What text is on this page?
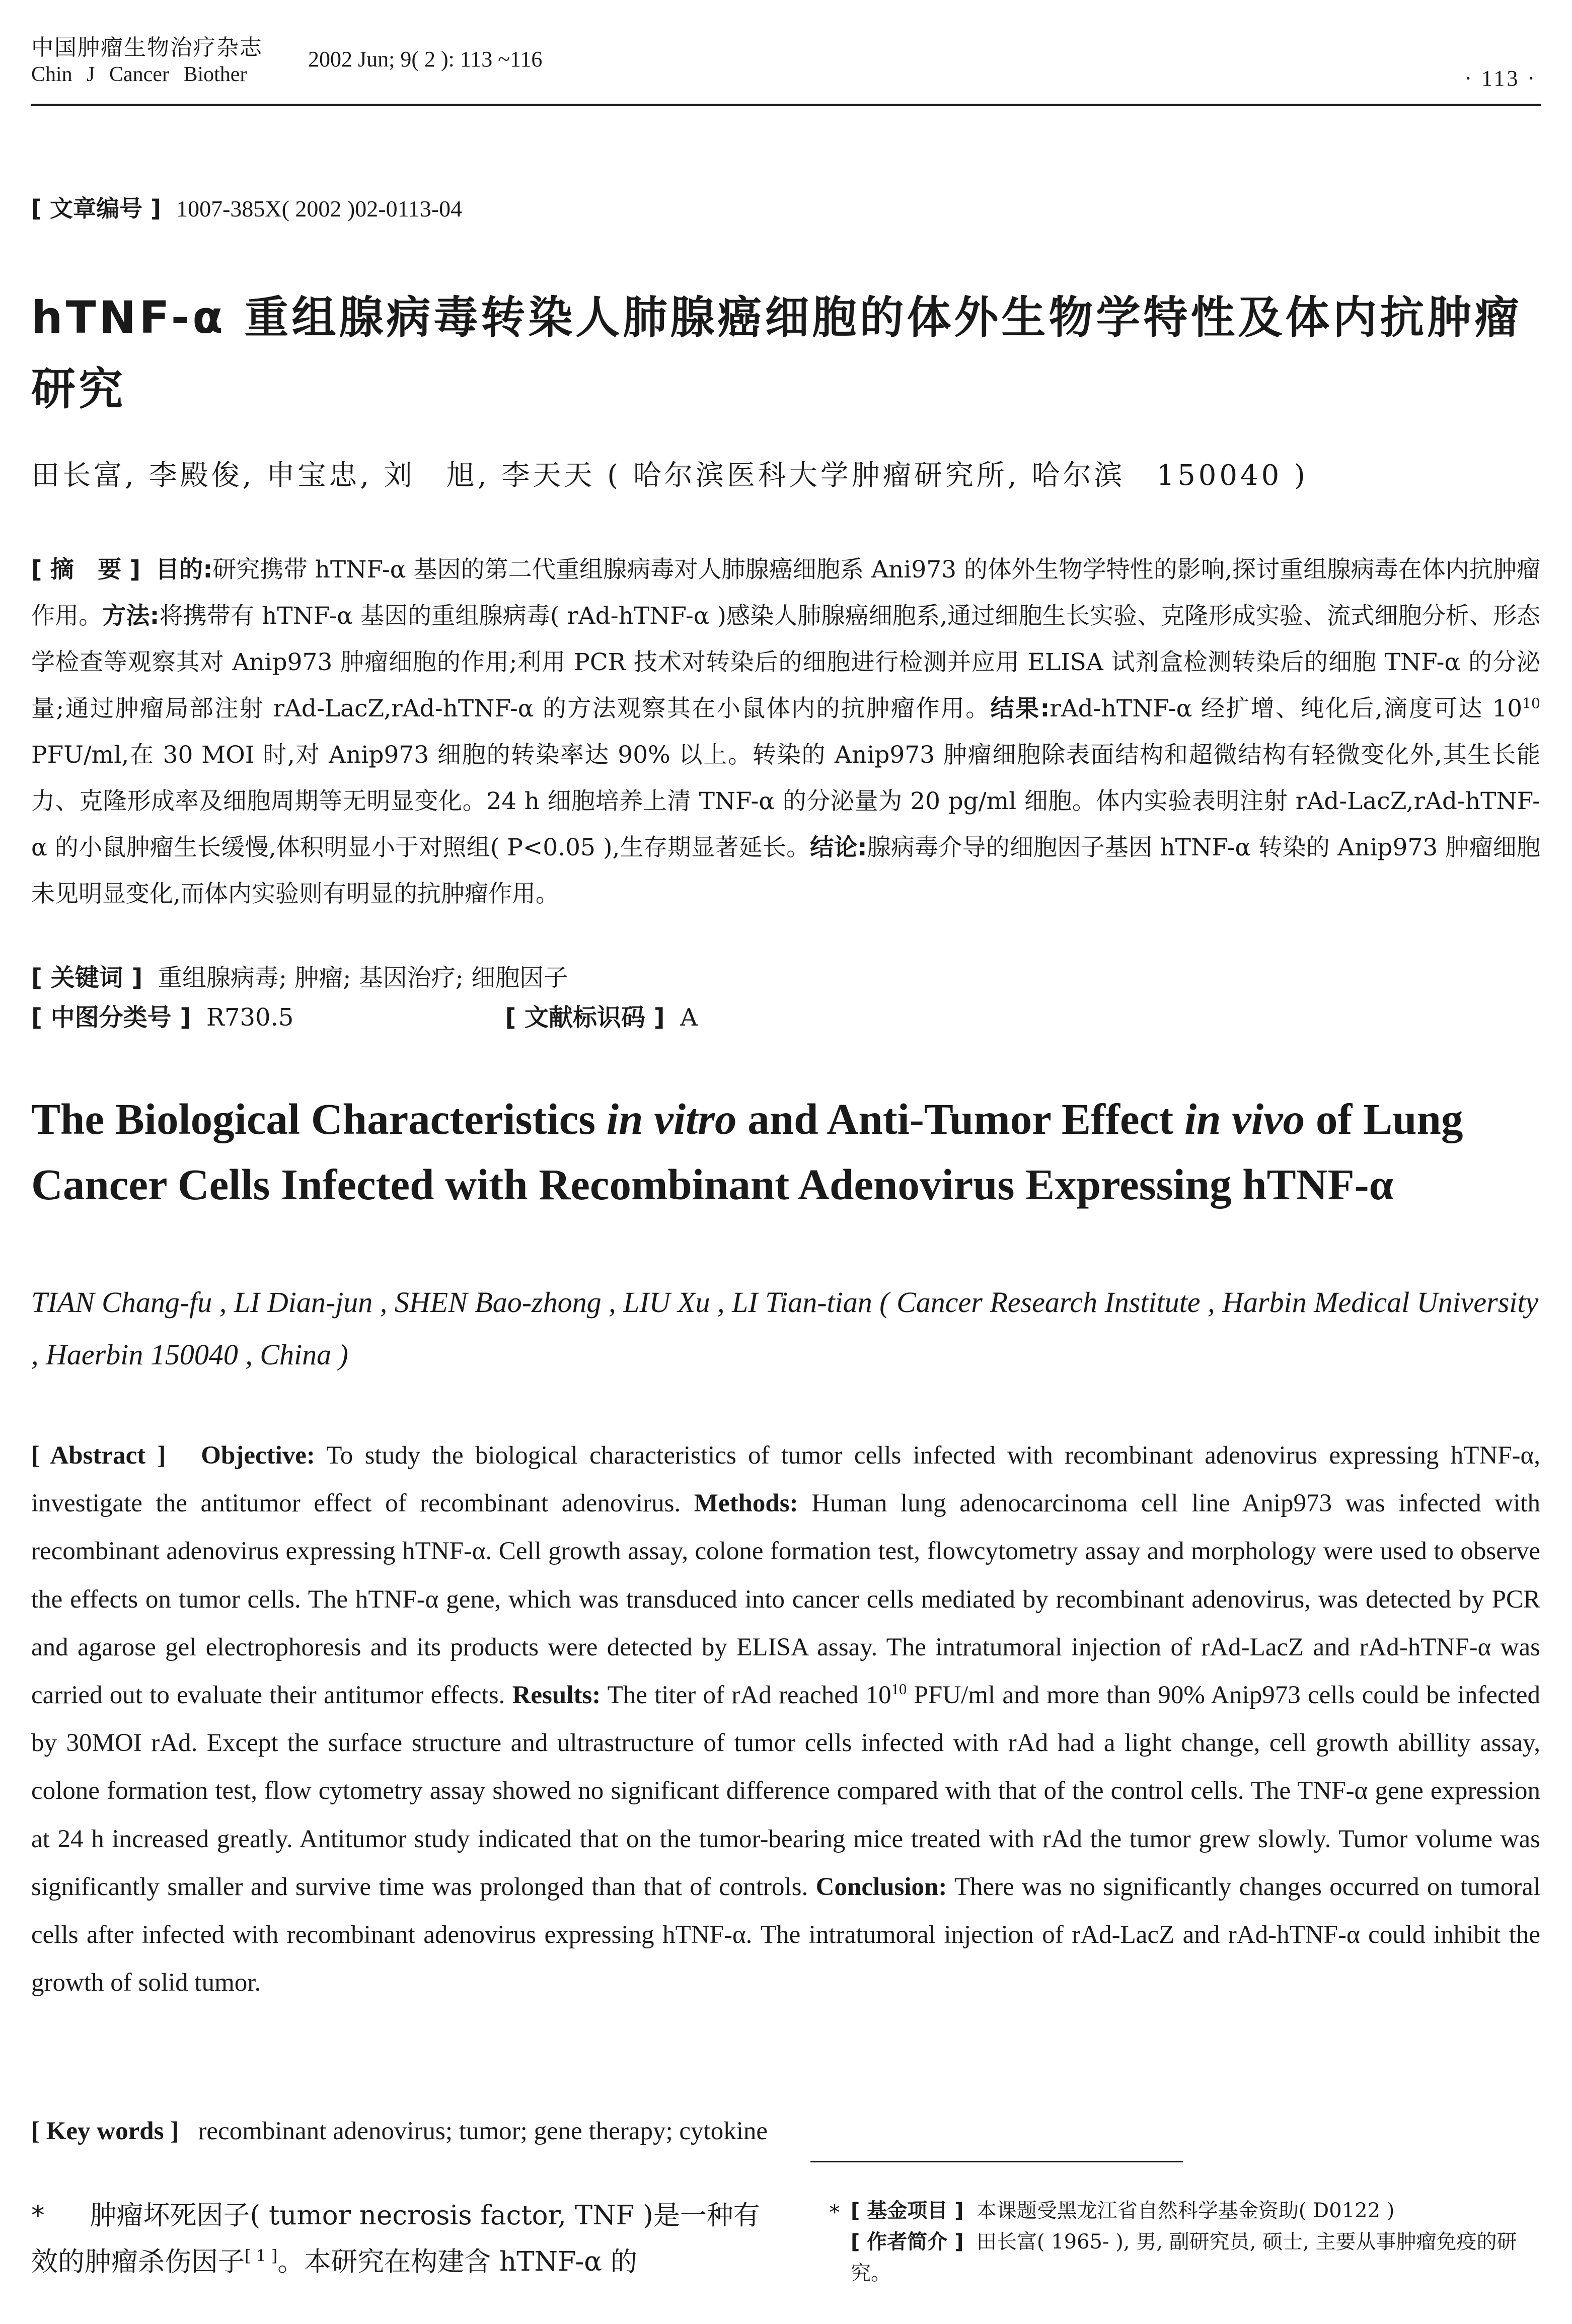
中国肿瘤生物治疗杂志
Chin J Cancer Biother
2002 Jun; 9( 2 ): 113 ~116
· 113 ·
[ 文章编号 ] 1007-385X( 2002 )02-0113-04
hTNF-α 重组腺病毒转染人肺腺癌细胞的体外生物学特性及体内抗肿瘤研究
田长富, 李殿俊, 申宝忠, 刘　旭, 李天天 ( 哈尔滨医科大学肿瘤研究所, 哈尔滨　150040 )
[ 摘　要 ] 目的:研究携带 hTNF-α 基因的第二代重组腺病毒对人肺腺癌细胞系 Ani973 的体外生物学特性的影响,探讨重组腺病毒在体内抗肿瘤作用。方法:将携带有 hTNF-α 基因的重组腺病毒( rAd-hTNF-α )感染人肺腺癌细胞系,通过细胞生长实验、克隆形成实验、流式细胞分析、形态学检查等观察其对 Anip973 肿瘤细胞的作用;利用 PCR 技术对转染后的细胞进行检测并应用 ELISA 试剂盒检测转染后的细胞 TNF-α 的分泌量;通过肿瘤局部注射 rAd-LacZ,rAd-hTNF-α 的方法观察其在小鼠体内的抗肿瘤作用。结果:rAd-hTNF-α 经扩增、纯化后,滴度可达 $10^{10}$ PFU/ml,在 30 MOI 时,对 Anip973 细胞的转染率达 90% 以上。转染的 Anip973 肿瘤细胞除表面结构和超微结构有轻微变化外,其生长能力、克隆形成率及细胞周期等无明显变化。24 h 细胞培养上清 TNF-α 的分泌量为 20 pg/ml 细胞。体内实验表明注射 rAd-LacZ,rAd-hTNF-α 的小鼠肿瘤生长缓慢,体积明显小于对照组( P<0.05 ),生存期显著延长。结论:腺病毒介导的细胞因子基因 hTNF-α 转染的 Anip973 肿瘤细胞未见明显变化,而体内实验则有明显的抗肿瘤作用。
[ 关键词 ] 重组腺病毒; 肿瘤; 基因治疗; 细胞因子
[ 中图分类号 ] R730.5	[ 文献标识码 ] A
The Biological Characteristics in vitro and Anti-Tumor Effect in vivo of Lung Cancer Cells Infected with Recombinant Adenovirus Expressing hTNF-α
TIAN Chang-fu , LI Dian-jun , SHEN Bao-zhong , LIU Xu , LI Tian-tian ( Cancer Research Institute , Harbin Medical University , Haerbin 150040 , China )
[ Abstract ] Objective: To study the biological characteristics of tumor cells infected with recombinant adenovirus expressing hTNF-α, investigate the antitumor effect of recombinant adenovirus. Methods: Human lung adenocarcinoma cell line Anip973 was infected with recombinant adenovirus expressing hTNF-α. Cell growth assay, colone formation test, flowcytometry assay and morphology were used to observe the effects on tumor cells. The hTNF-α gene, which was transduced into cancer cells mediated by recombinant adenovirus, was detected by PCR and agarose gel electrophoresis and its products were detected by ELISA assay. The intratumoral injection of rAd-LacZ and rAd-hTNF-α was carried out to evaluate their antitumor effects. Results: The titer of rAd reached $10^{10}$ PFU/ml and more than 90% Anip973 cells could be infected by 30MOI rAd. Except the surface structure and ultrastructure of tumor cells infected with rAd had a light change, cell growth abillity assay, colone formation test, flow cytometry assay showed no significant difference compared with that of the control cells. The TNF-α gene expression at 24 h increased greatly. Antitumor study indicated that on the tumor-bearing mice treated with rAd the tumor grew slowly. Tumor volume was significantly smaller and survive time was prolonged than that of controls. Conclusion: There was no significantly changes occurred on tumoral cells after infected with recombinant adenovirus expressing hTNF-α. The intratumoral injection of rAd-LacZ and rAd-hTNF-α could inhibit the growth of solid tumor.
[ Key words ] recombinant adenovirus; tumor; gene therapy; cytokine
* 肿瘤坏死因子( tumor necrosis factor, TNF )是一种有效的肿瘤杀伤因子[ 1 ]。本研究在构建含 hTNF-α 的
* [ 基金项目 ] 本课题受黑龙江省自然科学基金资助( D0122 )
[ 作者简介 ] 田长富( 1965- ), 男, 副研究员, 硕士, 主要从事肿瘤免疫的研究。
